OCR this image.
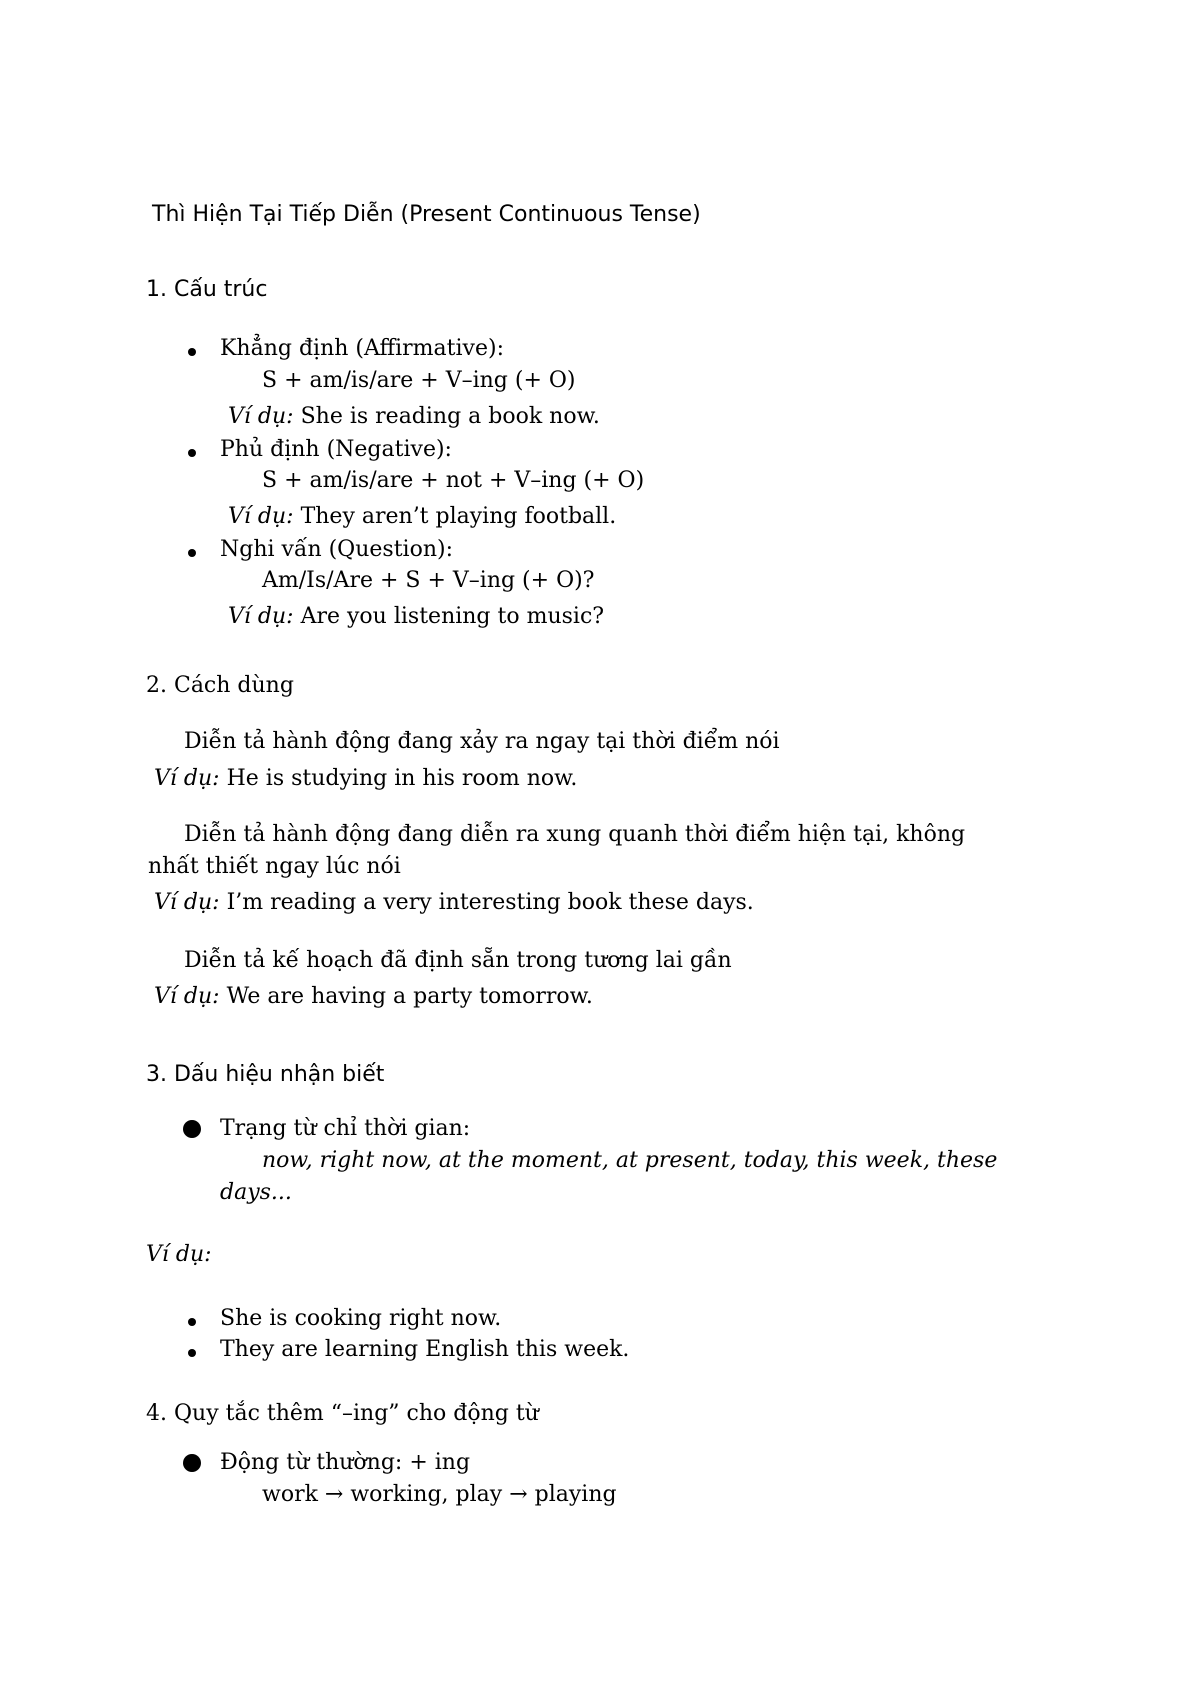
Thì Hiện Tại Tiếp Diễn (Present Continuous Tense)
1. Cấu trúc
Khẳng định (Affirmative):
S + am/is/are + V–ing (+ O)
Ví dụ: She is reading a book now.
Phủ định (Negative):
S + am/is/are + not + V–ing (+ O)
Ví dụ: They aren’t playing football.
Nghi vấn (Question):
Am/Is/Are + S + V–ing (+ O)?
Ví dụ: Are you listening to music?
2. Cách dùng
Diễn tả hành động đang xảy ra ngay tại thời điểm nói
Ví dụ: He is studying in his room now.
Diễn tả hành động đang diễn ra xung quanh thời điểm hiện tại, không
nhất thiết ngay lúc nói
Ví dụ: I’m reading a very interesting book these days.
Diễn tả kế hoạch đã định sẵn trong tương lai gần
Ví dụ: We are having a party tomorrow.
3. Dấu hiệu nhận biết
Trạng từ chỉ thời gian:
now, right now, at the moment, at present, today, this week, these
days...
Ví dụ:
She is cooking right now.
They are learning English this week.
4. Quy tắc thêm “–ing” cho động từ
Động từ thường: + ing
work → working, play → playing
